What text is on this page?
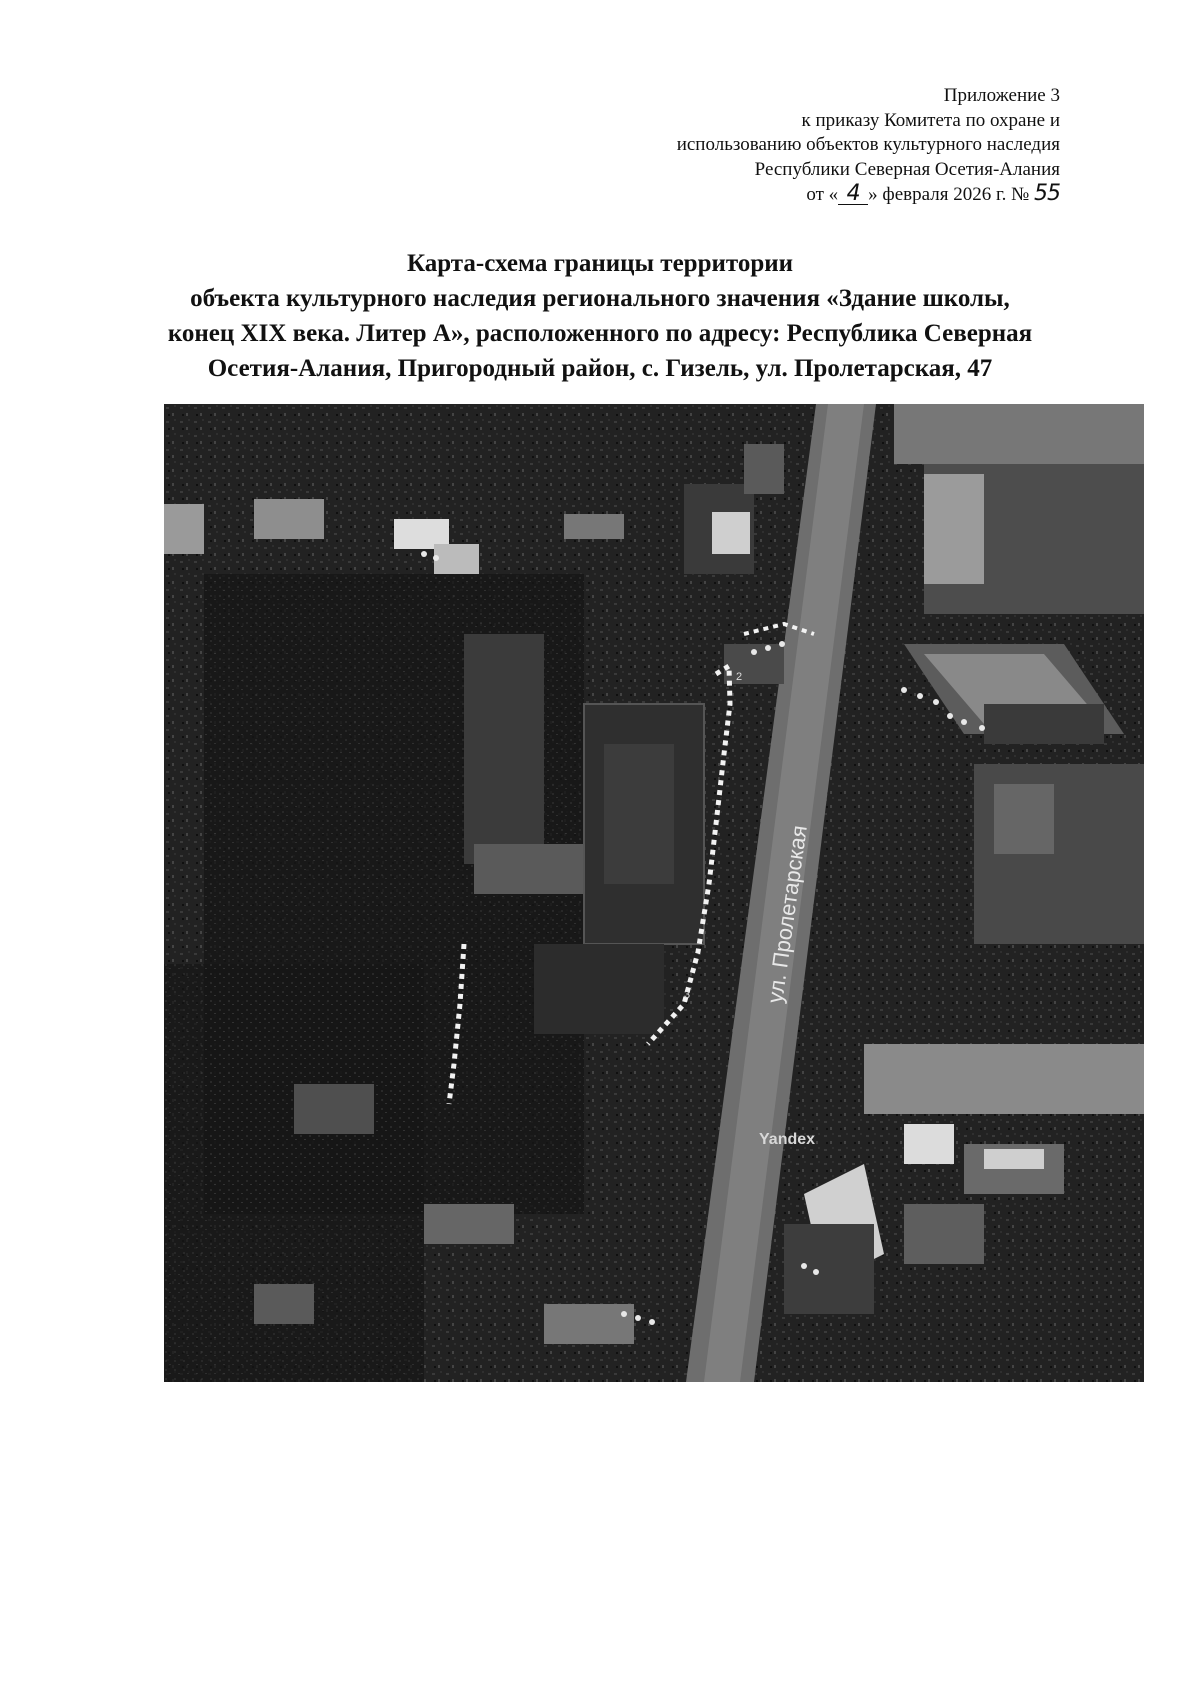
Приложение 3
к приказу Комитета по охране и
использованию объектов культурного наследия
Республики Северная Осетия-Алания
от « 4 » февраля 2026 г. № 55
Карта-схема границы территории
объекта культурного наследия регионального значения «Здание школы,
конец XIX века. Литер А», расположенного по адресу: Республика Северная
Осетия-Алания, Пригородный район, с. Гизель, ул. Пролетарская, 47
2
3	ул. Пролетарская
Yandex
